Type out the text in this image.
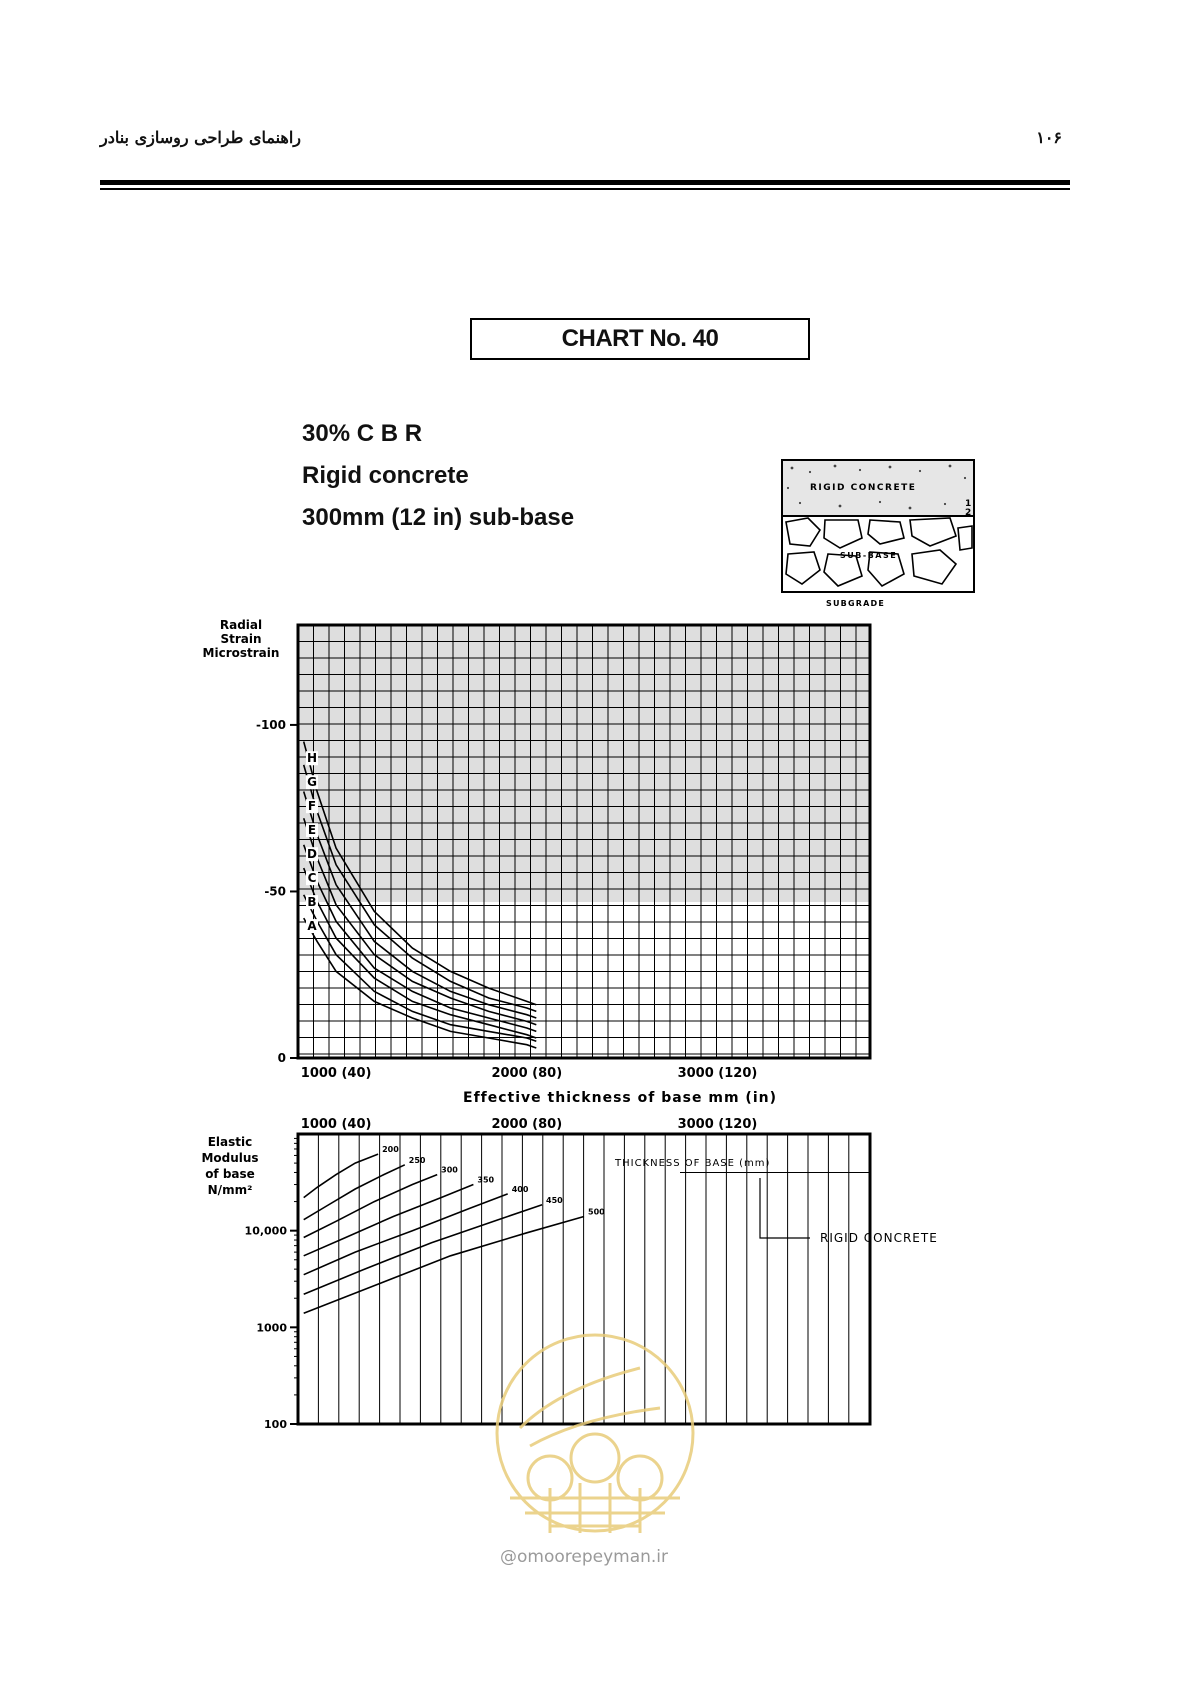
راهنمای طراحی روسازی بنادر	۱۰۶
CHART No. 40
30% C B R
Rigid concrete
300mm (12 in) sub-base
RIGID CONCRETE
SUB-BASE
SUBGRADE
1
2
-100
-50
0
1000 (40)	2000 (80)	3000 (120)
H
G
F
E
D
C
B
A
Radial Strain Microstrain
Effective thickness of base mm (in)
10,000
1000
100
1000 (40)	2000 (80)	3000 (120)
200
250
300
350
400
450
500
Elastic Modulus of base N/mm²
THICKNESS OF BASE (mm)
RIGID CONCRETE
@omoorepeyman.ir
